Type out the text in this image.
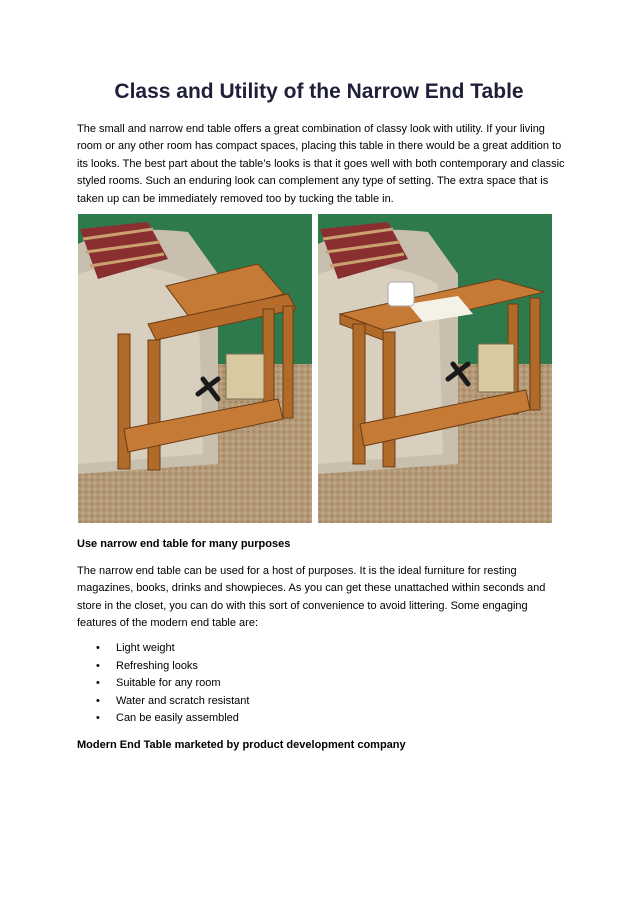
Class and Utility of the Narrow End Table

The small and narrow end table offers a great combination of classy look with utility. If your living room or any other room has compact spaces, placing this table in there would be a great addition to its looks. The best part about the table’s looks is that it goes well with both contemporary and classic styled rooms. Such an enduring look can complement any type of setting. The extra space that is taken up can be immediately removed too by tucking the table in.

Use narrow end table for many purposes

The narrow end table can be used for a host of purposes. It is the ideal furniture for resting magazines, books, drinks and showpieces. As you can get these unattached within seconds and store in the closet, you can do with this sort of convenience to avoid littering. Some engaging features of the modern end table are:

• Light weight
• Refreshing looks
• Suitable for any room
• Water and scratch resistant
• Can be easily assembled
Modern End Table marketed by product development company
